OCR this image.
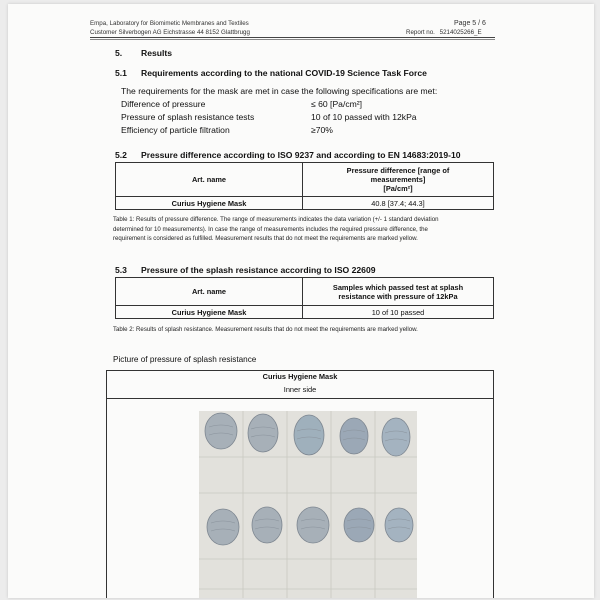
Empa, Laboratory for Biomimetic Membranes and Textiles
Customer Silverbogen AG Eichstrasse 44 8152 Glattbrugg
Page 5 / 6
Report no. 5214025266_E
5. Results
5.1 Requirements according to the national COVID-19 Science Task Force
The requirements for the mask are met in case the following specifications are met:
Difference of pressure	≤ 60 [Pa/cm²]
Pressure of splash resistance tests	10 of 10 passed with 12kPa
Efficiency of particle filtration	≥70%
5.2 Pressure difference according to ISO 9237 and according to EN 14683:2019-10
Art. name	Pressure difference [range of
measurements]
[Pa/cm²]

Curius Hygiene Mask	40.8 [37.4; 44.3]
Table 1: Results of pressure difference. The range of measurements indicates the data variation (+/- 1 standard deviation
determined for 10 measurements). In case the range of measurements includes the required pressure difference, the
requirement is considered as fulfilled. Measurement results that do not meet the requirements are marked yellow.
5.3 Pressure of the splash resistance according to ISO 22609
Art. name	Samples which passed test at splash
resistance with pressure of 12kPa

Curius Hygiene Mask	10 of 10 passed
Table 2: Results of splash resistance. Measurement results that do not meet the requirements are marked yellow.
Picture of pressure of splash resistance
Curius Hygiene Mask
Inner side
